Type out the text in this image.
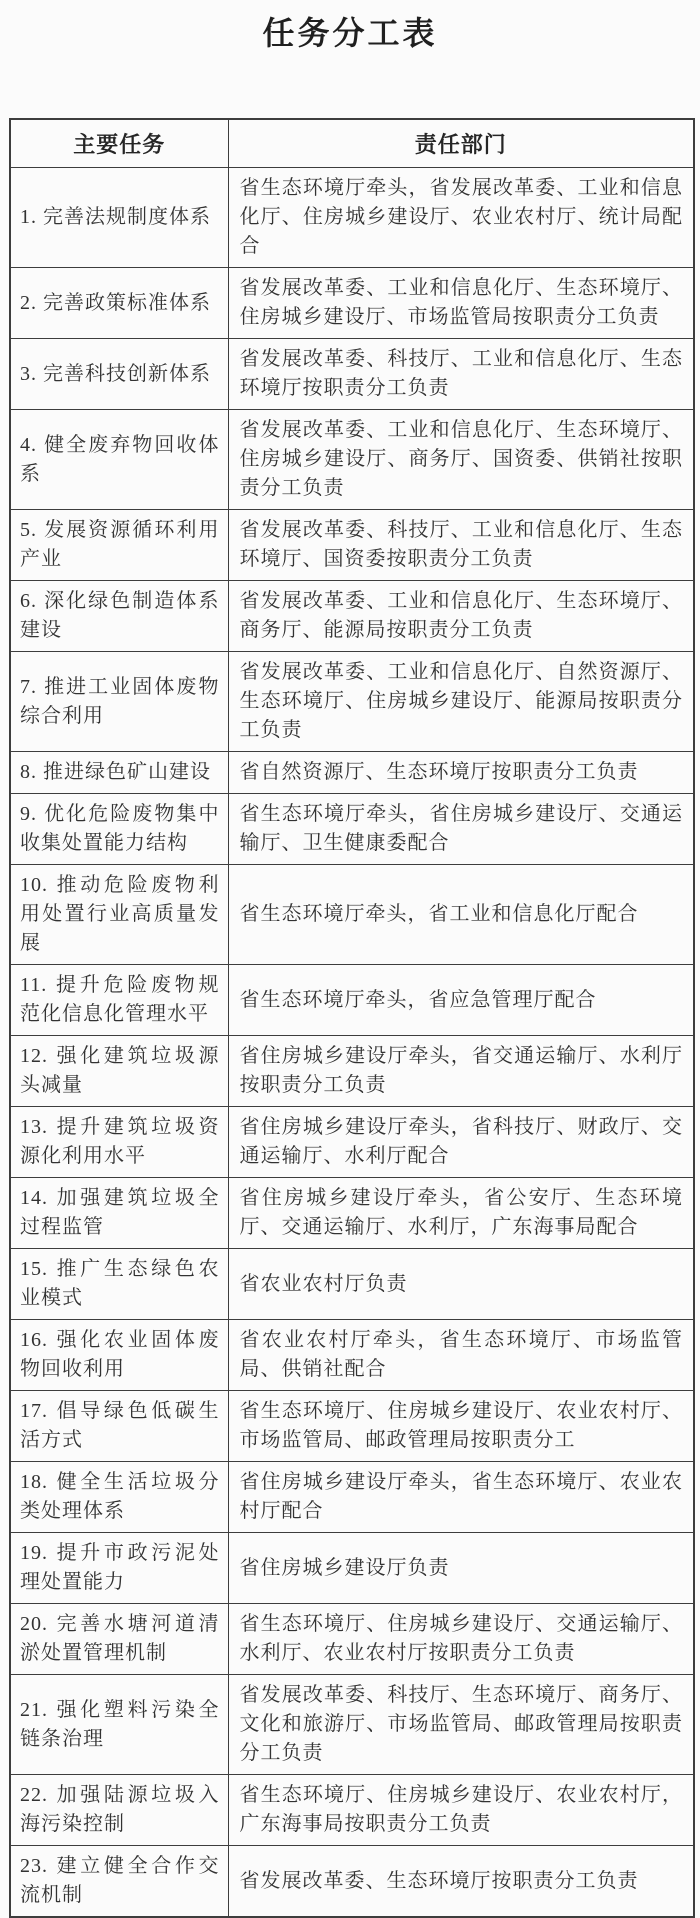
任务分工表
主要任务	责任部门
1. 完善法规制度体系	省生态环境厅牵头，省发展改革委、工业和信息化厅、住房城乡建设厅、农业农村厅、统计局配合
2. 完善政策标准体系	省发展改革委、工业和信息化厅、生态环境厅、住房城乡建设厅、市场监管局按职责分工负责
3. 完善科技创新体系	省发展改革委、科技厅、工业和信息化厅、生态环境厅按职责分工负责
4. 健全废弃物回收体系	省发展改革委、工业和信息化厅、生态环境厅、住房城乡建设厅、商务厅、国资委、供销社按职责分工负责
5. 发展资源循环利用产业	省发展改革委、科技厅、工业和信息化厅、生态环境厅、国资委按职责分工负责
6. 深化绿色制造体系建设	省发展改革委、工业和信息化厅、生态环境厅、商务厅、能源局按职责分工负责
7. 推进工业固体废物综合利用	省发展改革委、工业和信息化厅、自然资源厅、生态环境厅、住房城乡建设厅、能源局按职责分工负责
8. 推进绿色矿山建设	省自然资源厅、生态环境厅按职责分工负责
9. 优化危险废物集中收集处置能力结构	省生态环境厅牵头，省住房城乡建设厅、交通运输厅、卫生健康委配合
10. 推动危险废物利用处置行业高质量发展	省生态环境厅牵头，省工业和信息化厅配合
11. 提升危险废物规范化信息化管理水平	省生态环境厅牵头，省应急管理厅配合
12. 强化建筑垃圾源头减量	省住房城乡建设厅牵头，省交通运输厅、水利厅按职责分工负责
13. 提升建筑垃圾资源化利用水平	省住房城乡建设厅牵头，省科技厅、财政厅、交通运输厅、水利厅配合
14. 加强建筑垃圾全过程监管	省住房城乡建设厅牵头，省公安厅、生态环境厅、交通运输厅、水利厅，广东海事局配合
15. 推广生态绿色农业模式	省农业农村厅负责
16. 强化农业固体废物回收利用	省农业农村厅牵头，省生态环境厅、市场监管局、供销社配合
17. 倡导绿色低碳生活方式	省生态环境厅、住房城乡建设厅、农业农村厅、市场监管局、邮政管理局按职责分工
18. 健全生活垃圾分类处理体系	省住房城乡建设厅牵头，省生态环境厅、农业农村厅配合
19. 提升市政污泥处理处置能力	省住房城乡建设厅负责
20. 完善水塘河道清淤处置管理机制	省生态环境厅、住房城乡建设厅、交通运输厅、水利厅、农业农村厅按职责分工负责
21. 强化塑料污染全链条治理	省发展改革委、科技厅、生态环境厅、商务厅、文化和旅游厅、市场监管局、邮政管理局按职责分工负责
22. 加强陆源垃圾入海污染控制	省生态环境厅、住房城乡建设厅、农业农村厅，广东海事局按职责分工负责
23. 建立健全合作交流机制	省发展改革委、生态环境厅按职责分工负责
